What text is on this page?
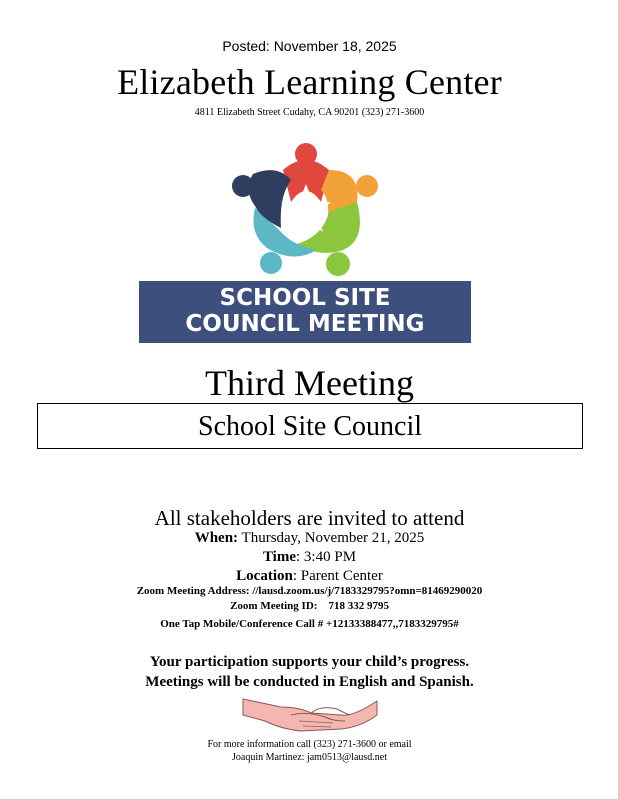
Posted: November 18, 2025
Elizabeth Learning Center
4811 Elizabeth Street Cudahy, CA 90201 (323) 271-3600
SCHOOL SITE
COUNCIL MEETING
Third Meeting
School Site Council
All stakeholders are invited to attend
When: Thursday, November 21, 2025
Time: 3:40 PM
Location: Parent Center
Zoom Meeting Address: //lausd.zoom.us/j/7183329795?omn=81469290020
Zoom Meeting ID: 718 332 9795
One Tap Mobile/Conference Call # +12133388477,,7183329795#
Your participation supports your child’s progress.
Meetings will be conducted in English and Spanish.
For more information call (323) 271-3600 or email
Joaquin Martinez: jam0513@lausd.net
